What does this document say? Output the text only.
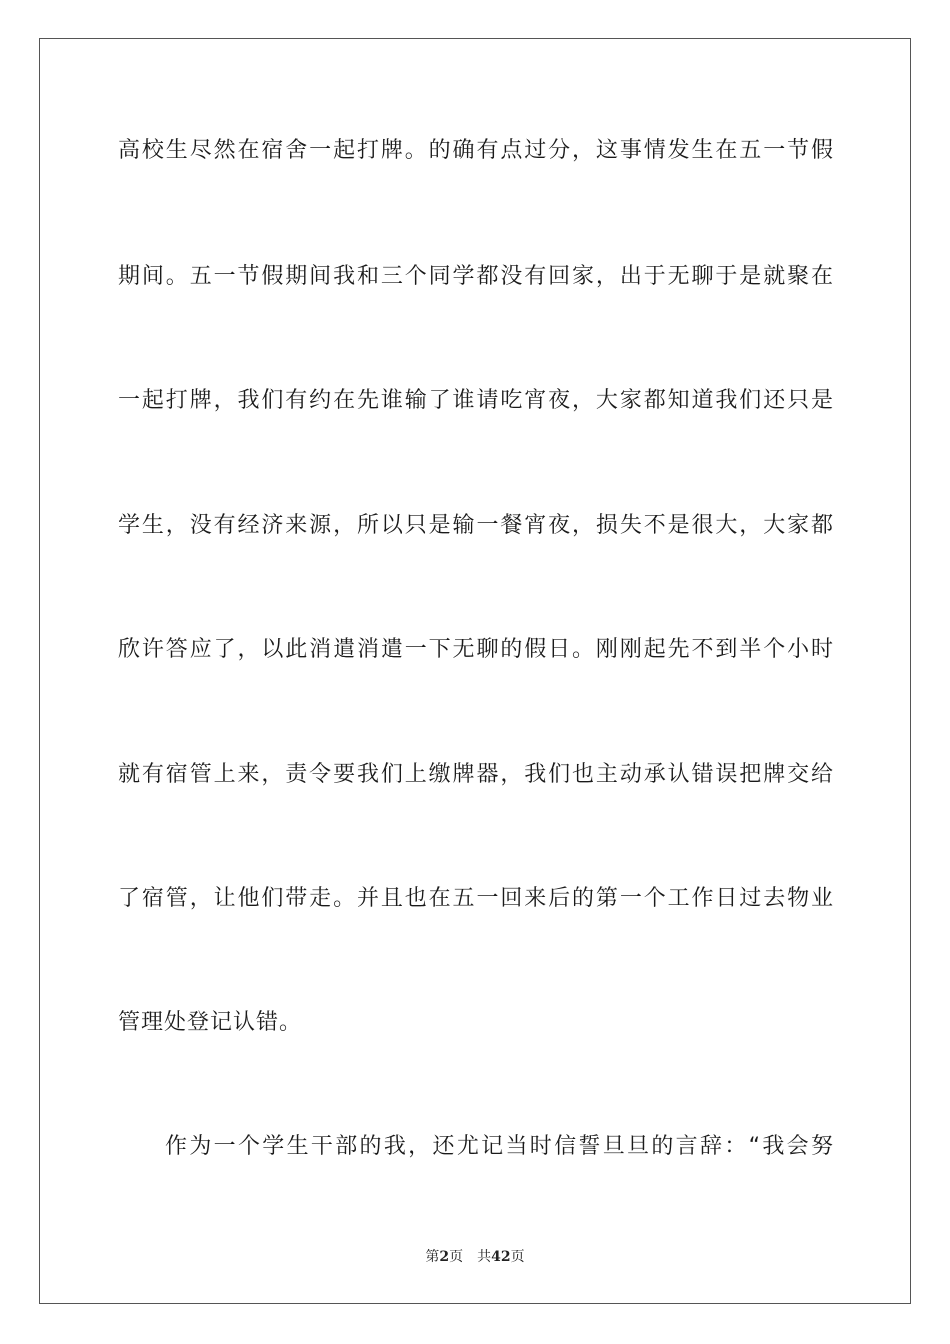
高校生尽然在宿舍一起打牌。的确有点过分，这事情发生在五一节假
期间。五一节假期间我和三个同学都没有回家，出于无聊于是就聚在
一起打牌，我们有约在先谁输了谁请吃宵夜，大家都知道我们还只是
学生，没有经济来源，所以只是输一餐宵夜，损失不是很大，大家都
欣许答应了，以此消遣消遣一下无聊的假日。刚刚起先不到半个小时
就有宿管上来，责令要我们上缴牌器，我们也主动承认错误把牌交给
了宿管，让他们带走。并且也在五一回来后的第一个工作日过去物业
管理处登记认错。
作为一个学生干部的我，还尤记当时信誓旦旦的言辞：“我会努
第2页 共42页
